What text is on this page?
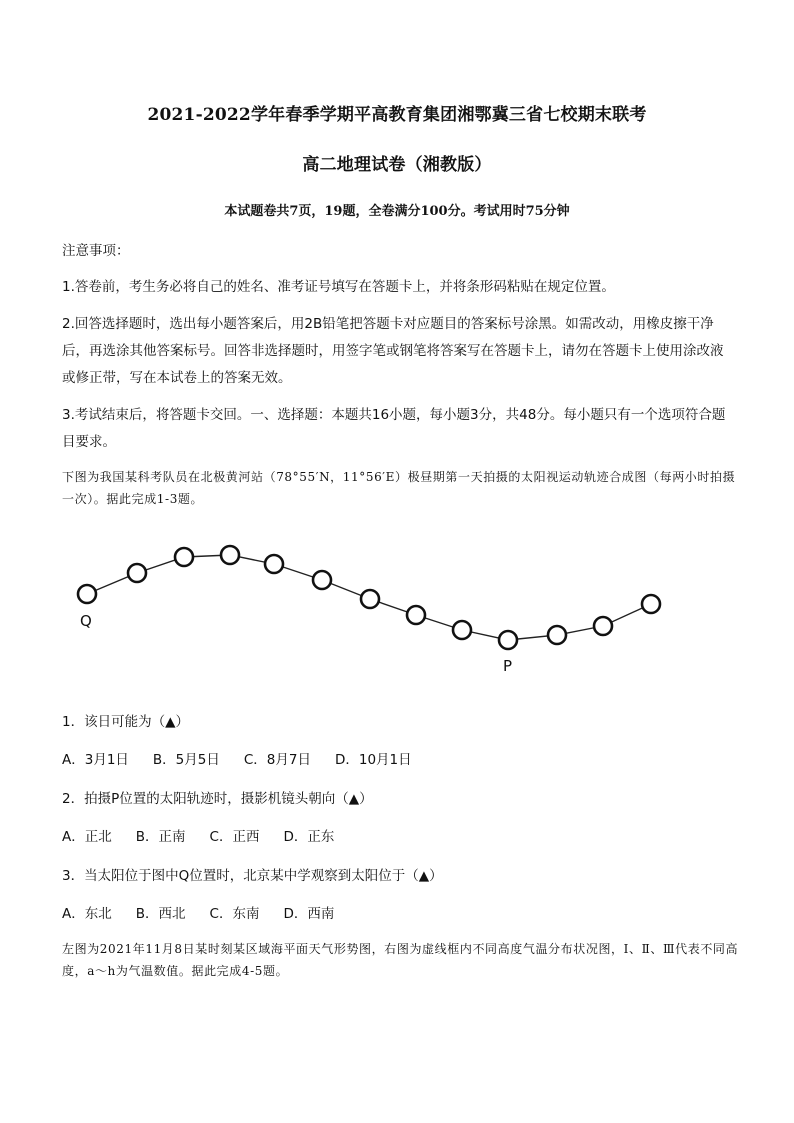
2021-2022学年春季学期平高教育集团湘鄂冀三省七校期末联考
高二地理试卷（湘教版）
本试题卷共7页，19题，全卷满分100分。考试用时75分钟
注意事项：
1.答卷前，考生务必将自己的姓名、准考证号填写在答题卡上，并将条形码粘贴在规定位置。
2.回答选择题时，选出每小题答案后，用2B铅笔把答题卡对应题目的答案标号涂黑。如需改动，用橡皮擦干净后，再选涂其他答案标号。回答非选择题时，用签字笔或钢笔将答案写在答题卡上，请勿在答题卡上使用涂改液或修正带，写在本试卷上的答案无效。
3.考试结束后，将答题卡交回。一、选择题：本题共16小题，每小题3分，共48分。每小题只有一个选项符合题目要求。
下图为我国某科考队员在北极黄河站（78°55′N，11°56′E）极昼期第一天拍摄的太阳视运动轨迹合成图（每两小时拍摄一次）。据此完成1-3题。
Q
P
1．该日可能为（▲）
A．3月1日 B．5月5日 C．8月7日 D．10月1日
2．拍摄P位置的太阳轨迹时，摄影机镜头朝向（▲）
A．正北 B．正南 C．正西 D．正东
3．当太阳位于图中Q位置时，北京某中学观察到太阳位于（▲）
A．东北 B．西北 C．东南 D．西南
左图为2021年11月8日某时刻某区域海平面天气形势图，右图为虚线框内不同高度气温分布状况图，Ⅰ、Ⅱ、Ⅲ代表不同高度，a～h为气温数值。据此完成4-5题。
